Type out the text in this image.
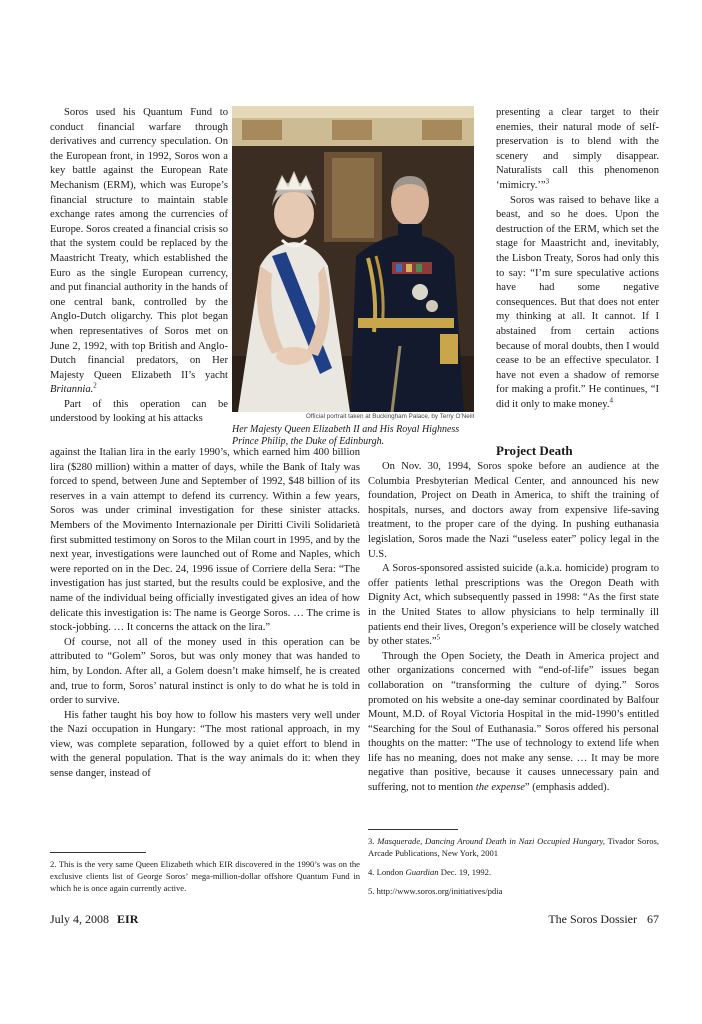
Soros used his Quantum Fund to conduct financial warfare through derivatives and currency speculation. On the European front, in 1992, Soros won a key battle against the European Rate Mechanism (ERM), which was Europe’s financial structure to maintain stable exchange rates among the currencies of Europe. Soros created a financial crisis so that the system could be replaced by the Maastricht Treaty, which established the Euro as the single European currency, and put financial authority in the hands of one central bank, controlled by the Anglo-Dutch oligarchy. This plot began when representatives of Soros met on June 2, 1992, with top British and Anglo-Dutch financial predators, on Her Majesty Queen Elizabeth II’s yacht Britannia.$^2$

Part of this operation can be understood by looking at his attacks	Official portrait taken at Buckingham Palace, by Terry O’Neill
Her Majesty Queen Elizabeth II and His Royal Highness Prince Philip, the Duke of Edinburgh.

presenting a clear target to their enemies, their natural mode of self-preservation is to blend with the scenery and simply disappear. Naturalists call this phenomenon ‘mimicry.’”$^3$

Soros was raised to behave like a beast, and so he does. Upon the destruction of the ERM, which set the stage for Maastricht and, inevitably, the Lisbon Treaty, Soros had only this to say: “I’m sure speculative actions have had some negative consequences. But that does not enter my thinking at all. It cannot. If I abstained from certain actions because of moral doubts, then I would cease to be an effective speculator. I have not even a shadow of remorse for making a profit.” He continues, “I did it only to make money.$^4$

Project Death

against the Italian lira in the early 1990’s, which earned him 400 billion lira ($280 million) within a matter of days, while the Bank of Italy was forced to spend, between June and September of 1992, $48 billion of its reserves in a vain attempt to defend its currency. Within a few years, Soros was under criminal investigation for these sinister attacks. Members of the Movimento Internazionale per Diritti Civili Solidarietà first submitted testimony on Soros to the Milan court in 1995, and by the next year, investigations were launched out of Rome and Naples, which were reported on in the Dec. 24, 1996 issue of Corriere della Sera: “The investigation has just started, but the results could be explosive, and the name of the individual being officially investigated gives an idea of how delicate this investigation is: The name is George Soros. … The crime is stock-jobbing. … It concerns the attack on the lira.”

Of course, not all of the money used in this operation can be attributed to “Golem” Soros, but was only money that was handed to him, by London. After all, a Golem doesn’t make himself, he is created and, true to form, Soros’ natural instinct is only to do what he is told in order to survive.

His father taught his boy how to follow his masters very well under the Nazi occupation in Hungary: “The most rational approach, in my view, was complete separation, followed by a quiet effort to blend in with the general population. That is the way animals do it: when they sense danger, instead of

On Nov. 30, 1994, Soros spoke before an audience at the Columbia Presbyterian Medical Center, and announced his new foundation, Project on Death in America, to shift the training of hospitals, nurses, and doctors away from expensive life-saving treatment, to the proper care of the dying. In pushing euthanasia legislation, Soros made the Nazi “useless eater” policy legal in the U.S.

A Soros-sponsored assisted suicide (a.k.a. homicide) program to offer patients lethal prescriptions was the Oregon Death with Dignity Act, which subsequently passed in 1998: “As the first state in the United States to allow physicians to help terminally ill patients end their lives, Oregon’s experience will be closely watched by other states.”$^5$

Through the Open Society, the Death in America project and other organizations concerned with “end-of-life” issues began collaboration on “transforming the culture of dying.” Soros promoted on his website a one-day seminar coordinated by Balfour Mount, M.D. of Royal Victoria Hospital in the mid-1990’s entitled “Searching for the Soul of Euthanasia.” Soros offered his personal thoughts on the matter: “The use of technology to extend life when life has no meaning, does not make any sense. … It may be more negative than positive, because it causes unnecessary pain and suffering, not to mention the expense” (emphasis added).

2. This is the very same Queen Elizabeth which EIR discovered in the 1990’s was on the exclusive clients list of George Soros’ mega-million-dollar offshore Quantum Fund in which he is once again currently active.
3. Masquerade, Dancing Around Death in Nazi Occupied Hungary, Tivador Soros, Arcade Publications, New York, 2001
4. London Guardian Dec. 19, 1992.
5. http://www.soros.org/initiatives/pdia
July 4, 2008 EIR	The Soros Dossier 67
